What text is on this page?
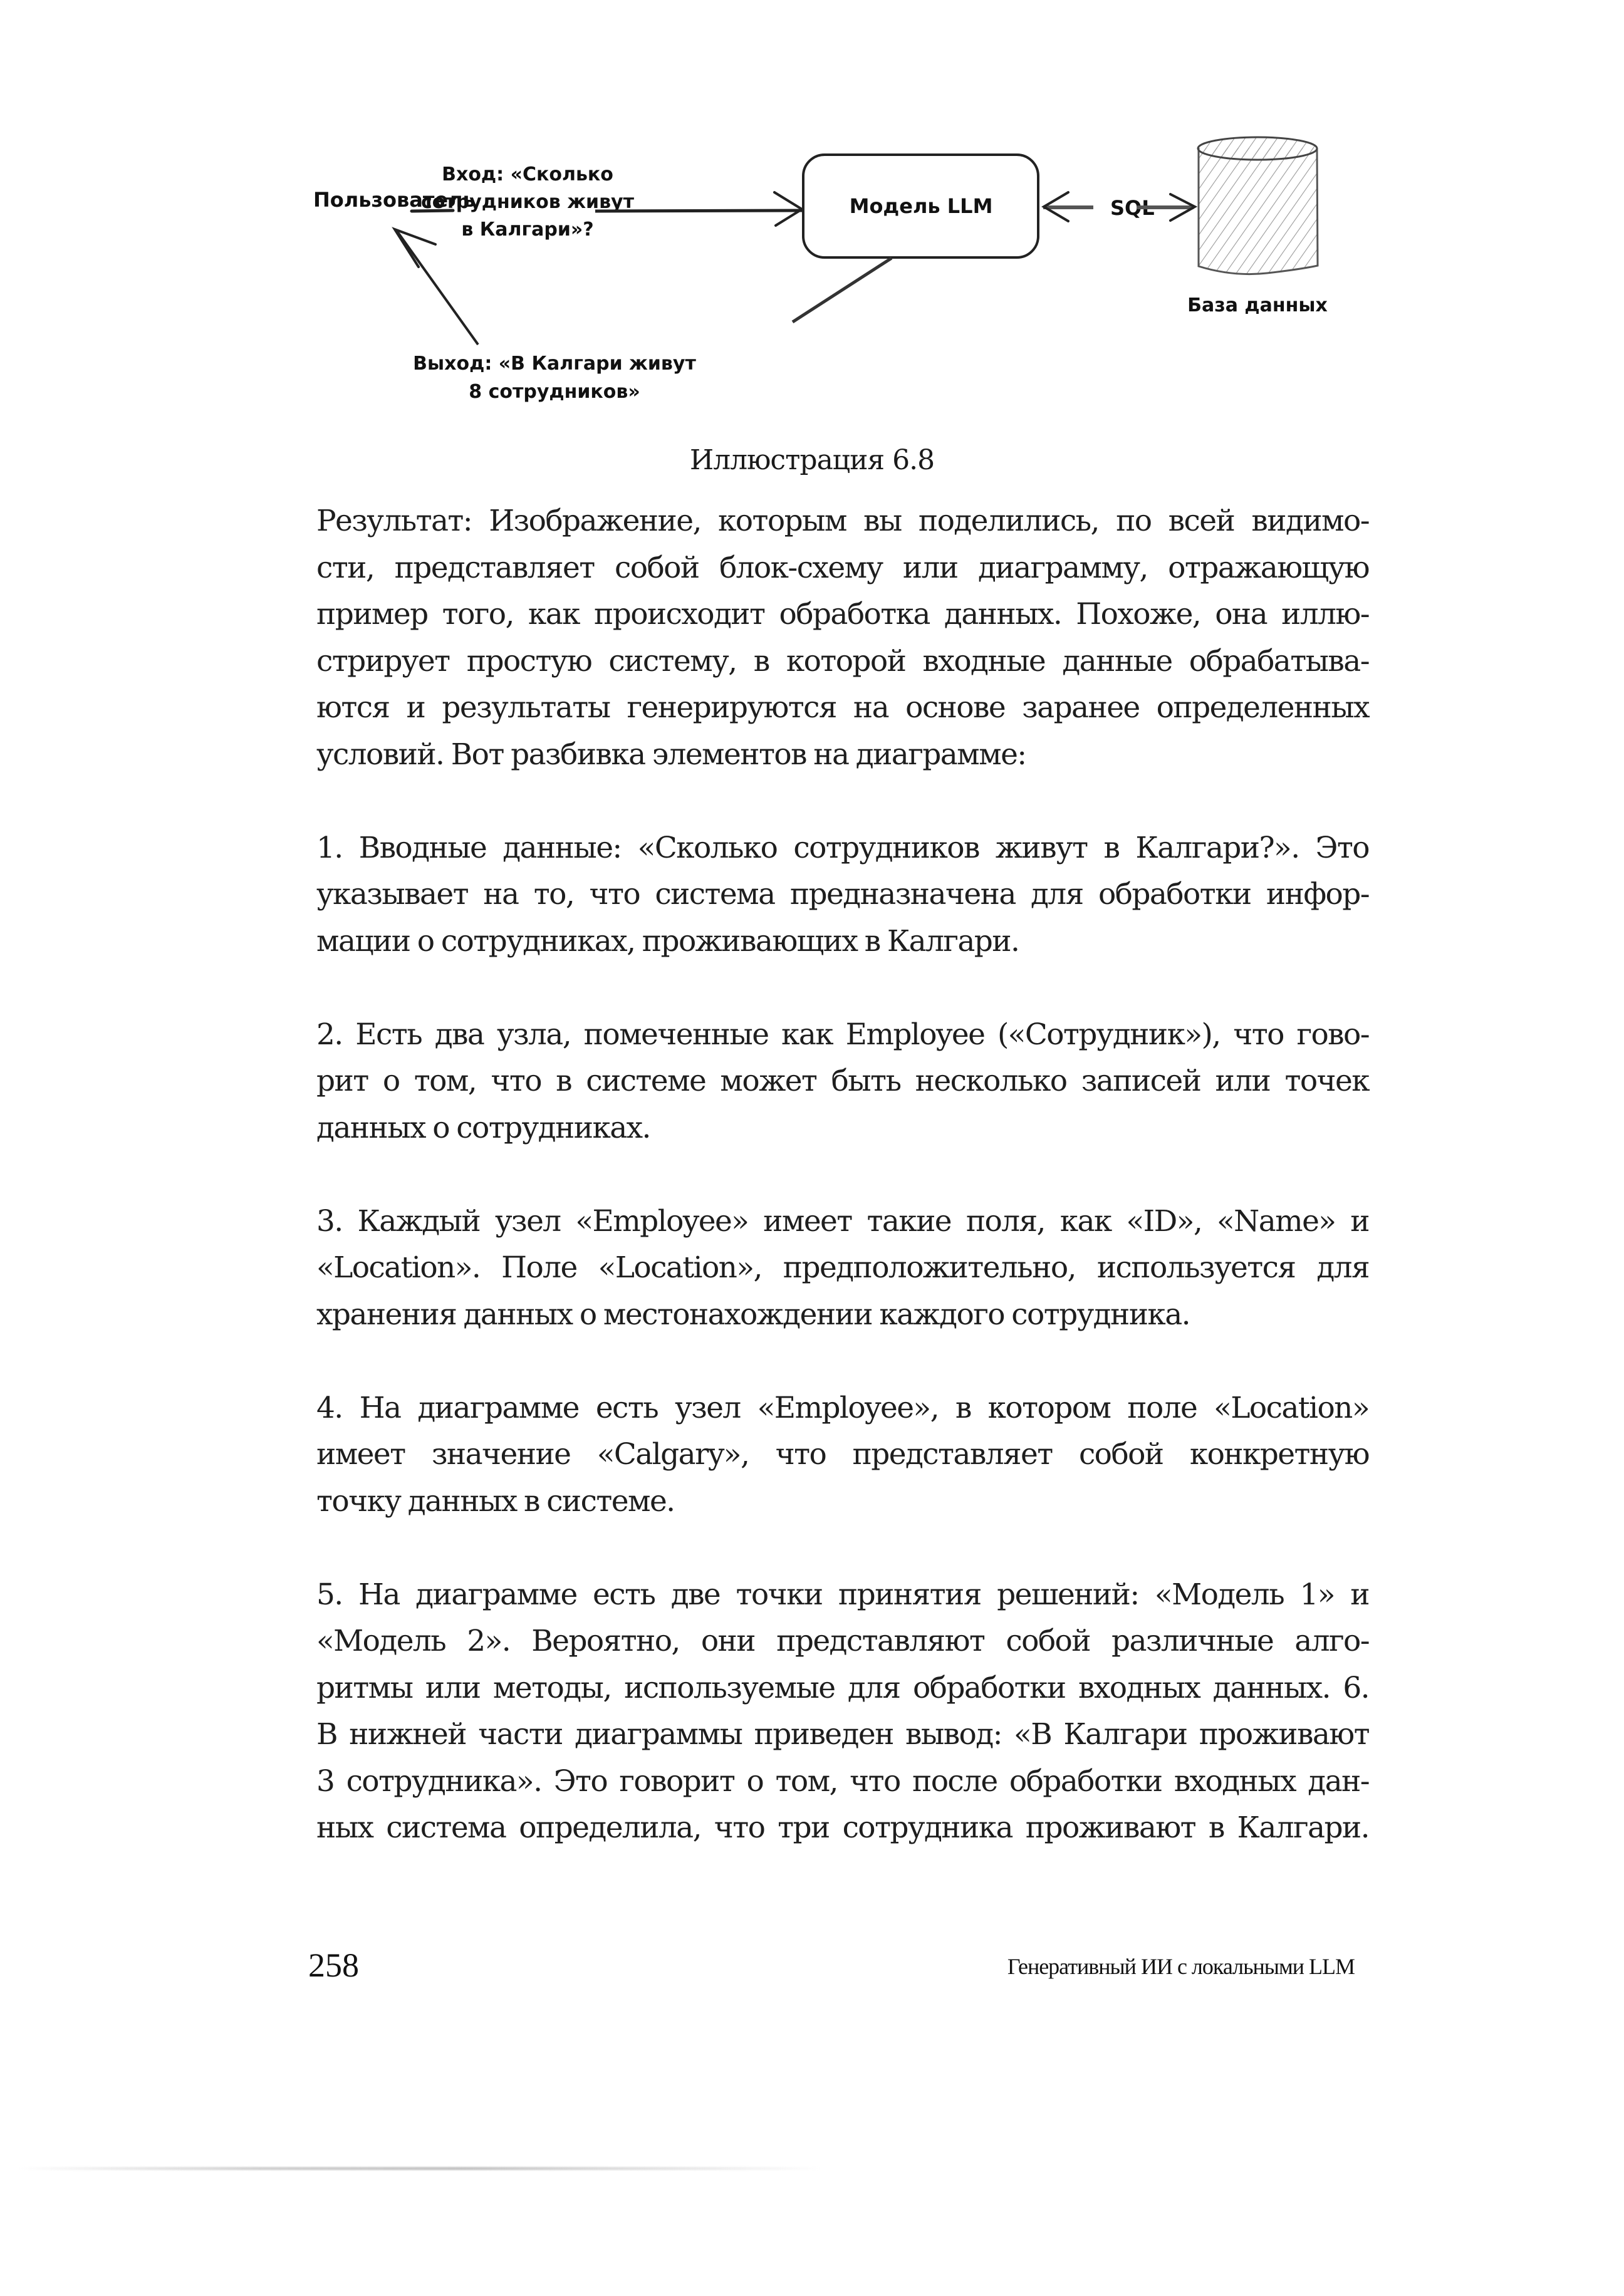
Пользователь
Вход: «Сколько
сотрудников живут
в Калгари»?
Модель LLM	SQL
База данных
Выход: «В Калгари живут
8 сотрудников»
Иллюстрация 6.8

Результат: Изображение, которым вы поделились, по всей видимо-
сти, представляет собой блок-схему или диаграмму, отражающую
пример того, как происходит обработка данных. Похоже, она иллю-
стрирует простую систему, в которой входные данные обрабатыва-
ются и результаты генерируются на основе заранее определенных
условий. Вот разбивка элементов на диаграмме:

1. Вводные данные: «Сколько сотрудников живут в Калгари?». Это
указывает на то, что система предназначена для обработки инфор-
мации о сотрудниках, проживающих в Калгари.

2. Есть два узла, помеченные как Employee («Сотрудник»), что гово-
рит о том, что в системе может быть несколько записей или точек
данных о сотрудниках.

3. Каждый узел «Employee» имеет такие поля, как «ID», «Name» и
«Location». Поле «Location», предположительно, используется для
хранения данных о местонахождении каждого сотрудника.

4. На диаграмме есть узел «Employee», в котором поле «Location»
имеет значение «Calgary», что представляет собой конкретную
точку данных в системе.

5. На диаграмме есть две точки принятия решений: «Модель 1» и
«Модель 2». Вероятно, они представляют собой различные алго-
ритмы или методы, используемые для обработки входных данных. 6.
В нижней части диаграммы приведен вывод: «В Калгари проживают
3 сотрудника». Это говорит о том, что после обработки входных дан-
ных система определила, что три сотрудника проживают в Калгари.

258	Генеративный ИИ с локальными LLM
